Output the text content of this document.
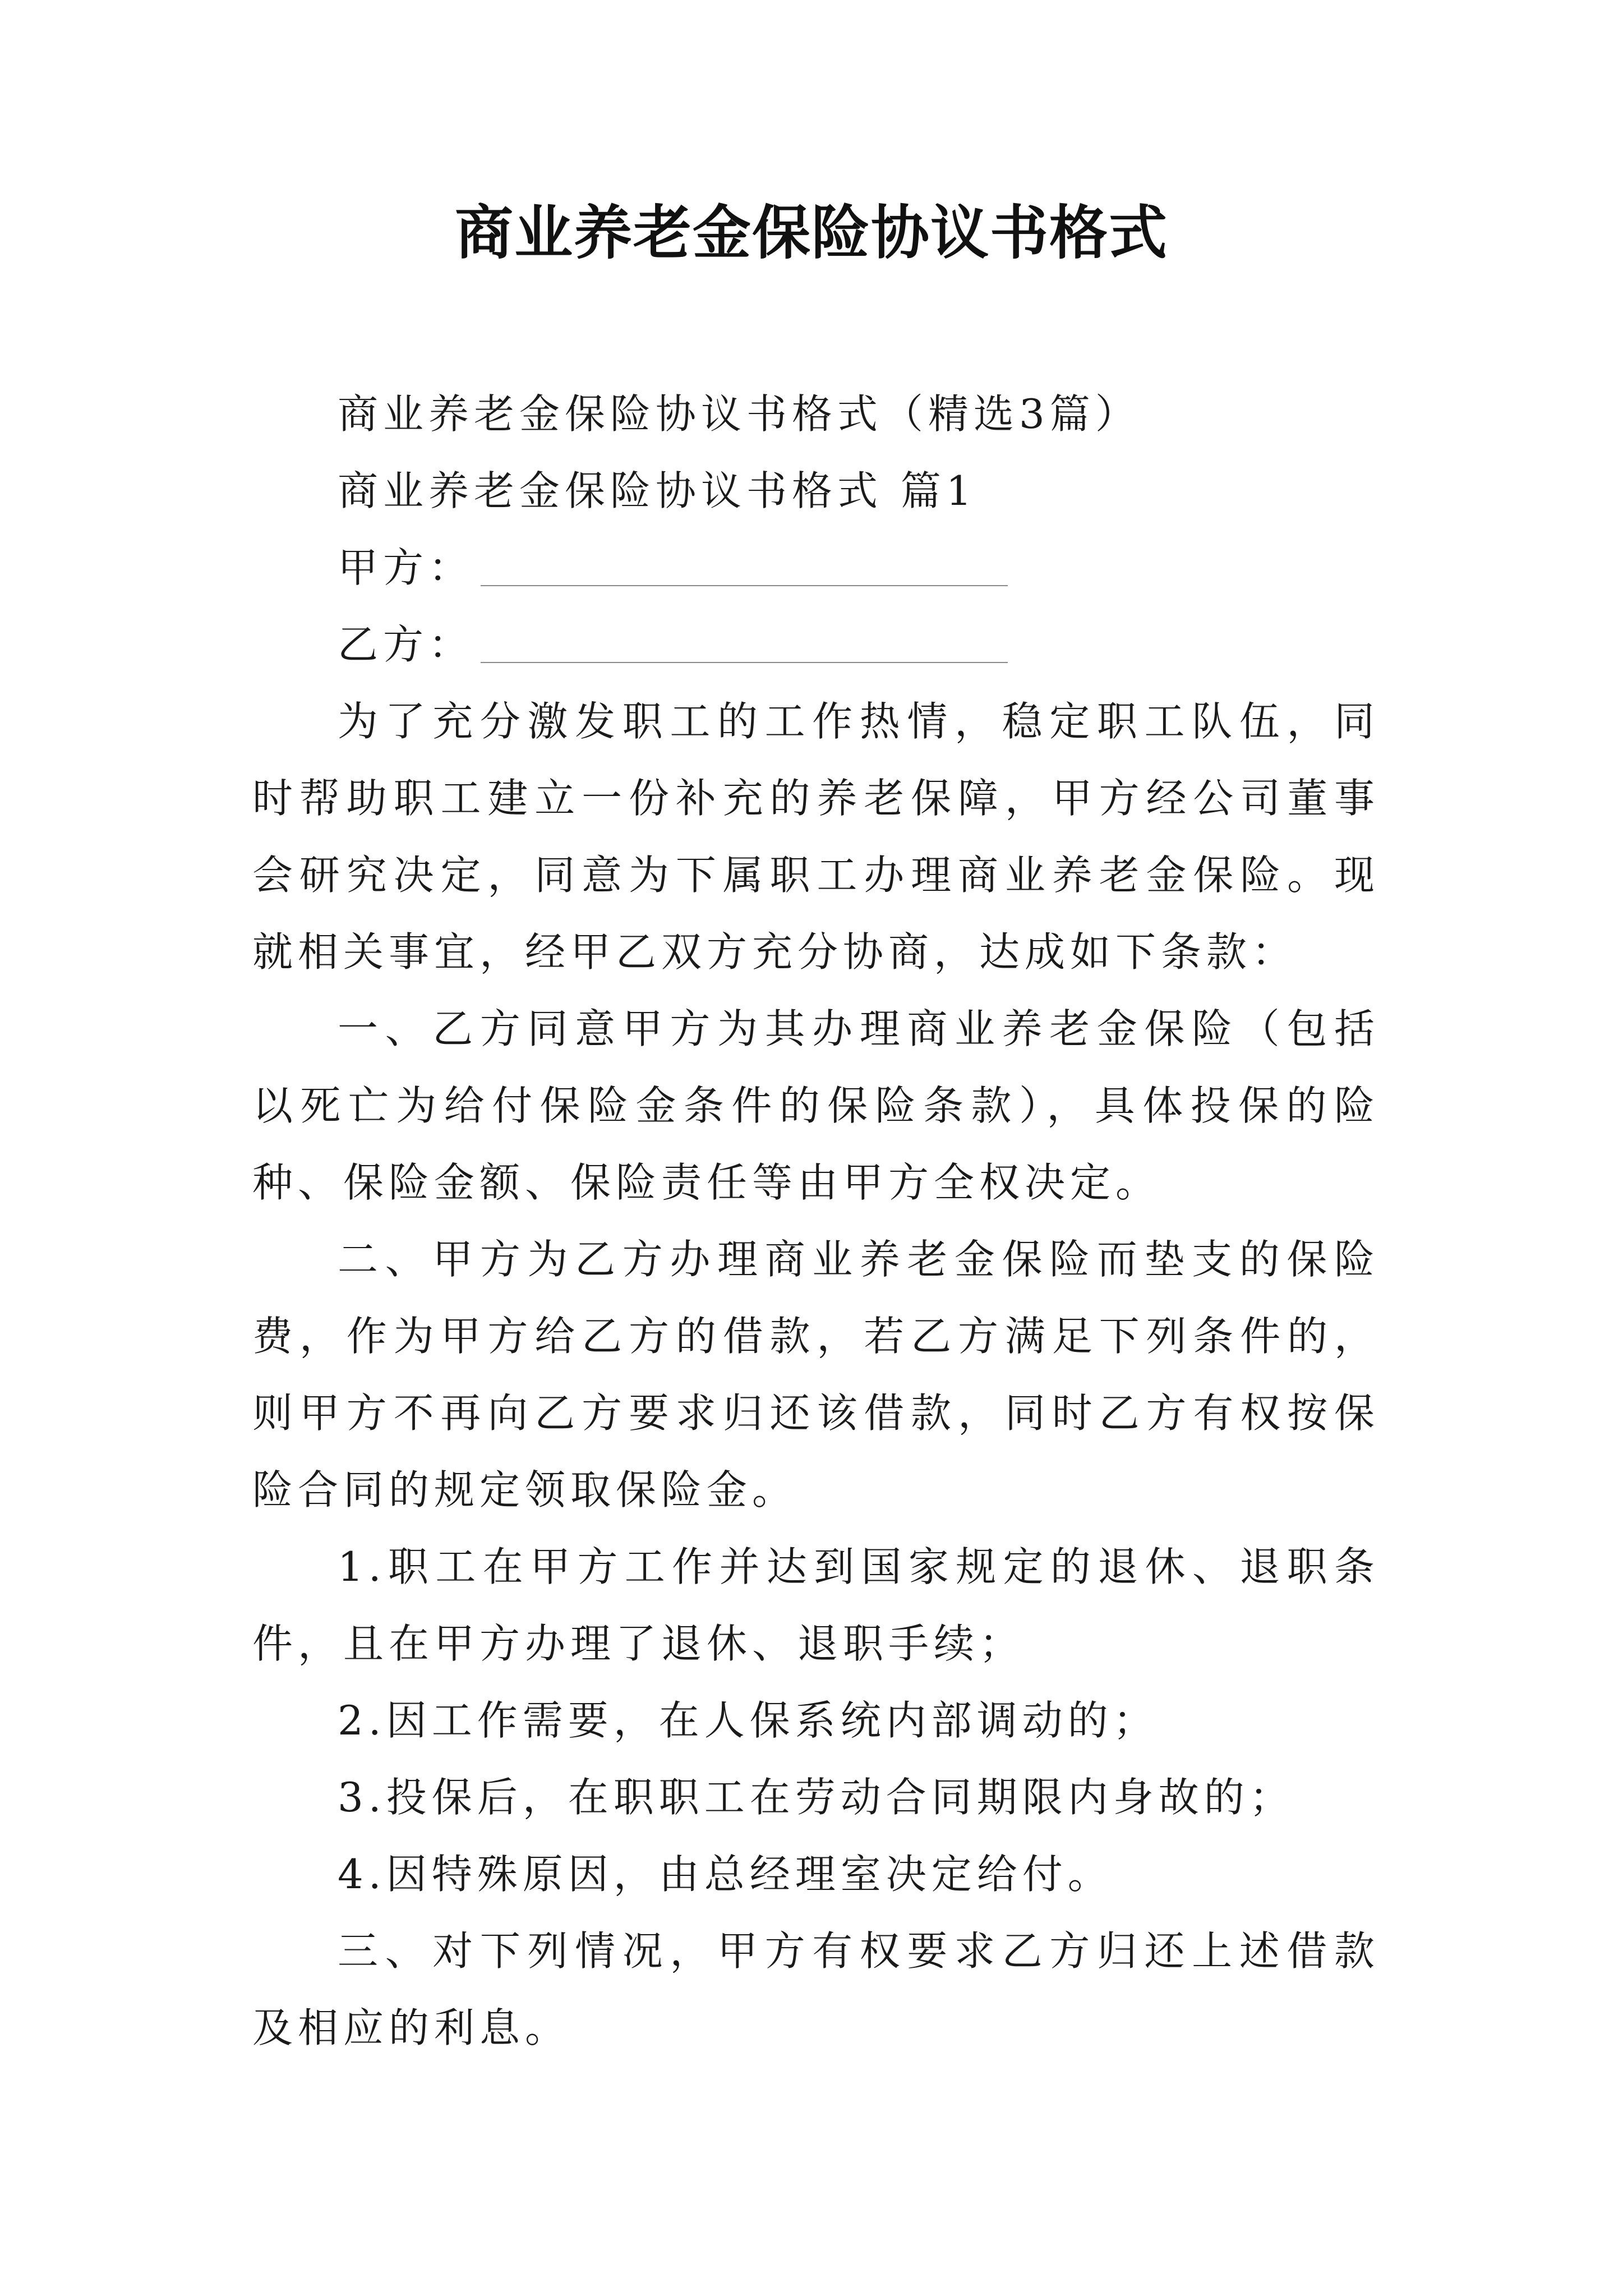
商业养老金保险协议书格式

商业养老金保险协议书格式（精选3篇）

商业养老金保险协议书格式 篇1

甲方：
乙方：

为了充分激发职工的工作热情，稳定职工队伍，同时帮助职工建立一份补充的养老保障，甲方经公司董事会研究决定，同意为下属职工办理商业养老金保险。现就相关事宜，经甲乙双方充分协商，达成如下条款：

一、乙方同意甲方为其办理商业养老金保险（包括以死亡为给付保险金条件的保险条款），具体投保的险种、保险金额、保险责任等由甲方全权决定。

二、甲方为乙方办理商业养老金保险而垫支的保险费，作为甲方给乙方的借款，若乙方满足下列条件的，则甲方不再向乙方要求归还该借款，同时乙方有权按保险合同的规定领取保险金。

1.职工在甲方工作并达到国家规定的退休、退职条件，且在甲方办理了退休、退职手续；

2.因工作需要，在人保系统内部调动的；

3.投保后，在职职工在劳动合同期限内身故的；

4.因特殊原因，由总经理室决定给付。

三、对下列情况，甲方有权要求乙方归还上述借款及相应的利息。
